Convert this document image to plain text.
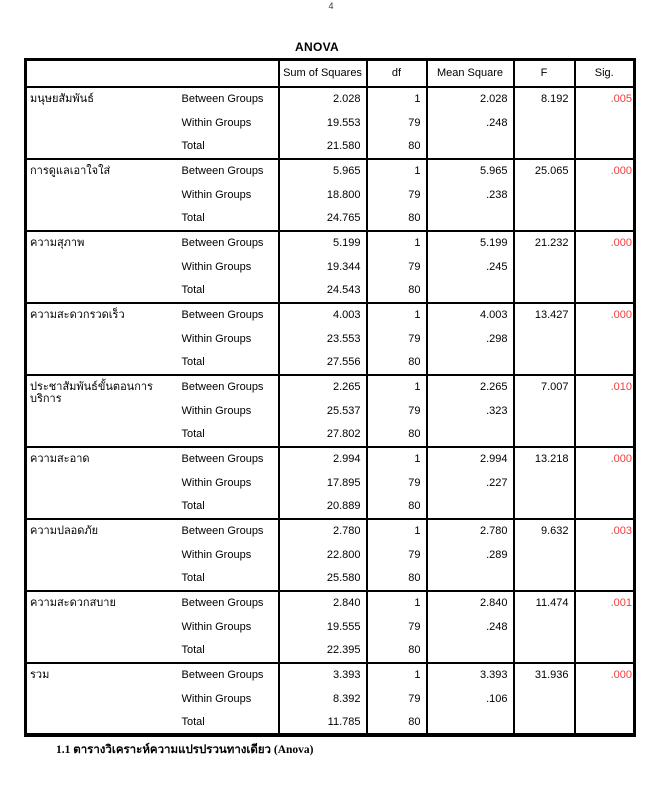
4
ANOVA
		Sum of Squares	df	Mean Square	F	Sig.
มนุษยสัมพันธ์	Between Groups	2.028	1	2.028	8.192	.005
	Within Groups	19.553	79	.248		
	Total	21.580	80			
การดูแลเอาใจใส่	Between Groups	5.965	1	5.965	25.065	.000
	Within Groups	18.800	79	.238		
	Total	24.765	80			
ความสุภาพ	Between Groups	5.199	1	5.199	21.232	.000
	Within Groups	19.344	79	.245		
	Total	24.543	80			
ความสะดวกรวดเร็ว	Between Groups	4.003	1	4.003	13.427	.000
	Within Groups	23.553	79	.298		
	Total	27.556	80			
ประชาสัมพันธ์ขั้นตอนการบริการ	Between Groups	2.265	1	2.265	7.007	.010
	Within Groups	25.537	79	.323		
	Total	27.802	80			
ความสะอาด	Between Groups	2.994	1	2.994	13.218	.000
	Within Groups	17.895	79	.227		
	Total	20.889	80			
ความปลอดภัย	Between Groups	2.780	1	2.780	9.632	.003
	Within Groups	22.800	79	.289		
	Total	25.580	80			
ความสะดวกสบาย	Between Groups	2.840	1	2.840	11.474	.001
	Within Groups	19.555	79	.248		
	Total	22.395	80			
รวม	Between Groups	3.393	1	3.393	31.936	.000
	Within Groups	8.392	79	.106		
	Total	11.785	80			
1.1 ตารางวิเคราะห์ความแปรปรวนทางเดียว (Anova)
